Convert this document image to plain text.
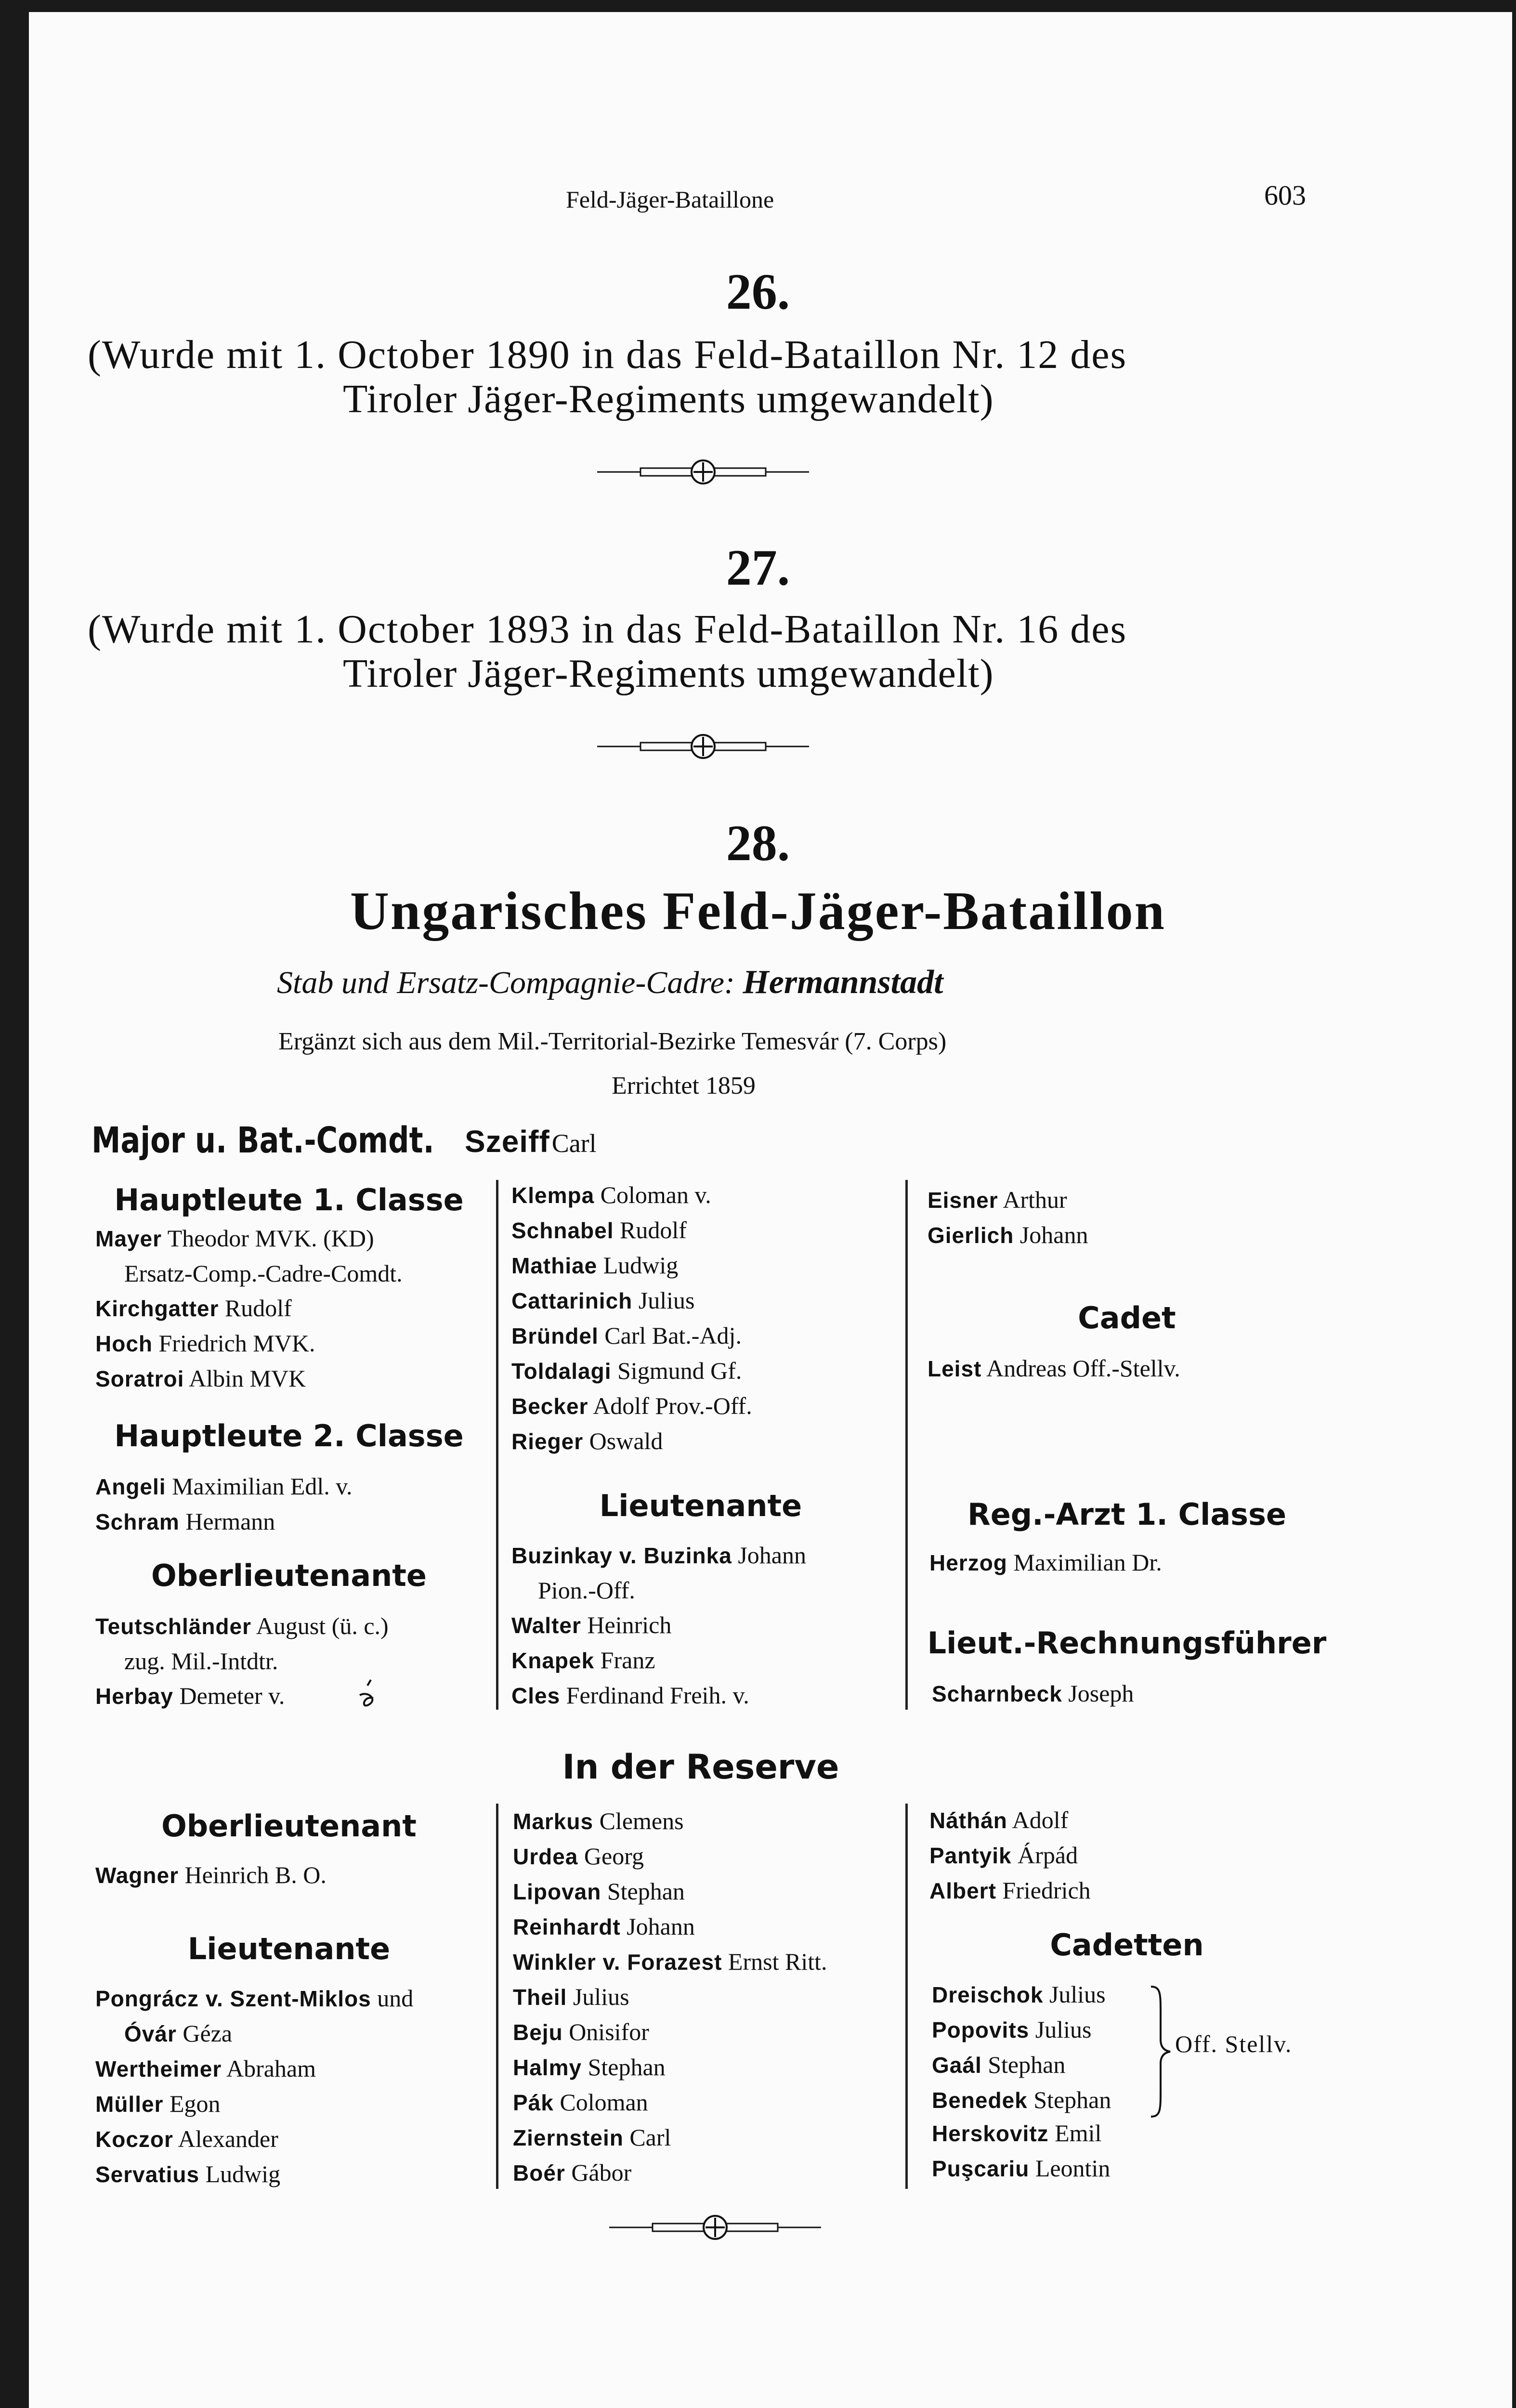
Feld-Jäger-Bataillone	603
26.
(Wurde mit 1. October 1890 in das Feld-Bataillon Nr. 12 des
Tiroler Jäger-Regiments umgewandelt)
27.
(Wurde mit 1. October 1893 in das Feld-Bataillon Nr. 16 des
Tiroler Jäger-Regiments umgewandelt)
28.
Ungarisches Feld-Jäger-Bataillon
Stab und Ersatz-Compagnie-Cadre: Hermannstadt
Ergänzt sich aus dem Mil.-Territorial-Bezirke Temesvár (7. Corps)
Errichtet 1859
Major u. Bat.-Comdt. Szeiff Carl
Hauptleute 1. Classe
Mayer Theodor MVK. (KD)
Ersatz-Comp.-Cadre-Comdt.
Kirchgatter Rudolf
Hoch Friedrich MVK.
Soratroi Albin MVK
Hauptleute 2. Classe
Angeli Maximilian Edl. v.
Schram Hermann
Oberlieutenante
Teutschländer August (ü. c.)
zug. Mil.-Intdtr.
Herbay Demeter v.
Klempa Coloman v.
Schnabel Rudolf
Mathiae Ludwig
Cattarinich Julius
Bründel Carl Bat.-Adj.
Toldalagi Sigmund Gf.
Becker Adolf Prov.-Off.
Rieger Oswald
Lieutenante
Buzinkay v. Buzinka Johann
Pion.-Off.
Walter Heinrich
Knapek Franz
Cles Ferdinand Freih. v.
Eisner Arthur
Gierlich Johann
Cadet
Leist Andreas Off.-Stellv.
Reg.-Arzt 1. Classe
Herzog Maximilian Dr.
Lieut.-Rechnungsführer
Scharnbeck Joseph
In der Reserve
Oberlieutenant
Wagner Heinrich B. O.
Lieutenante
Pongrácz v. Szent-Miklos und
Óvár Géza
Wertheimer Abraham
Müller Egon
Koczor Alexander
Servatius Ludwig
Markus Clemens
Urdea Georg
Lipovan Stephan
Reinhardt Johann
Winkler v. Forazest Ernst Ritt.
Theil Julius
Beju Onisifor
Halmy Stephan
Pák Coloman
Ziernstein Carl
Boér Gábor
Náthán Adolf
Pantyik Árpád
Albert Friedrich
Cadetten
Dreischok Julius
Popovits Julius
Gaál Stephan
Benedek Stephan
Off. Stellv.
Herskovitz Emil
Puşcariu Leontin
